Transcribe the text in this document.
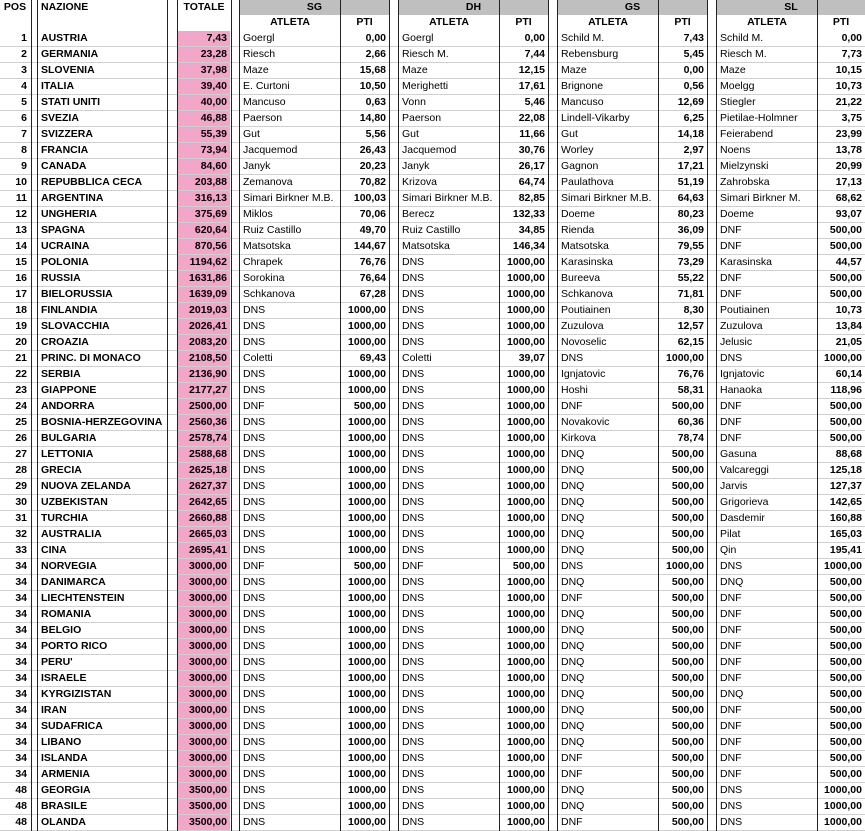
POS	NAZIONE	TOTALE	SG
ATLETA	PTI
DH
ATLETA	PTI
GS
ATLETA	PTI
SL
ATLETA	PTI
1 AUSTRIA	7,43 Goergl	0,00 Goergl	0,00 Schild M.	7,43 Schild M.	0,00
2 GERMANIA	23,28 Riesch	2,66 Riesch M.	7,44 Rebensburg	5,45 Riesch M.	7,73
3 SLOVENIA	37,98 Maze	15,68 Maze	12,15 Maze	0,00 Maze	10,15
4 ITALIA	39,40 E. Curtoni	10,50 Merighetti	17,61 Brignone	0,56 Moelgg	10,73
5 STATI UNITI	40,00 Mancuso	0,63 Vonn	5,46 Mancuso	12,69 Stiegler	21,22
6 SVEZIA	46,88 Paerson	14,80 Paerson	22,08 Lindell-Vikarby	6,25 Pietilae-Holmner	3,75
7 SVIZZERA	55,39 Gut	5,56 Gut	11,66 Gut	14,18 Feierabend	23,99
8 FRANCIA	73,94 Jacquemod	26,43 Jacquemod	30,76 Worley	2,97 Noens	13,78
9 CANADA	84,60 Janyk	20,23 Janyk	26,17 Gagnon	17,21 Mielzynski	20,99
10 REPUBBLICA CECA	203,88 Zemanova	70,82 Krizova	64,74 Paulathova	51,19 Zahrobska	17,13
11 ARGENTINA	316,13 Simari Birkner M.B.	100,03 Simari Birkner M.B.	82,85 Simari Birkner M.B.	64,63 Simari Birkner M.	68,62
12 UNGHERIA	375,69 Miklos	70,06 Berecz	132,33 Doeme	80,23 Doeme	93,07
13 SPAGNA	620,64 Ruiz Castillo	49,70 Ruiz Castillo	34,85 Rienda	36,09 DNF	500,00
14 UCRAINA	870,56 Matsotska	144,67 Matsotska	146,34 Matsotska	79,55 DNF	500,00
15 POLONIA	1194,62 Chrapek	76,76 DNS	1000,00 Karasinska	73,29 Karasinska	44,57
16 RUSSIA	1631,86 Sorokina	76,64 DNS	1000,00 Bureeva	55,22 DNF	500,00
17 BIELORUSSIA	1639,09 Schkanova	67,28 DNS	1000,00 Schkanova	71,81 DNF	500,00
18 FINLANDIA	2019,03 DNS	1000,00 DNS	1000,00 Poutiainen	8,30 Poutiainen	10,73
19 SLOVACCHIA	2026,41 DNS	1000,00 DNS	1000,00 Zuzulova	12,57 Zuzulova	13,84
20 CROAZIA	2083,20 DNS	1000,00 DNS	1000,00 Novoselic	62,15 Jelusic	21,05
21 PRINC. DI MONACO	2108,50 Coletti	69,43 Coletti	39,07 DNS	1000,00 DNS	1000,00
22 SERBIA	2136,90 DNS	1000,00 DNS	1000,00 Ignjatovic	76,76 Ignjatovic	60,14
23 GIAPPONE	2177,27 DNS	1000,00 DNS	1000,00 Hoshi	58,31 Hanaoka	118,96
24 ANDORRA	2500,00 DNF	500,00 DNS	1000,00 DNF	500,00 DNF	500,00
25 BOSNIA-HERZEGOVINA	2560,36 DNS	1000,00 DNS	1000,00 Novakovic	60,36 DNF	500,00
26 BULGARIA	2578,74 DNS	1000,00 DNS	1000,00 Kirkova	78,74 DNF	500,00
27 LETTONIA	2588,68 DNS	1000,00 DNS	1000,00 DNQ	500,00 Gasuna	88,68
28 GRECIA	2625,18 DNS	1000,00 DNS	1000,00 DNQ	500,00 Valcareggi	125,18
29 NUOVA ZELANDA	2627,37 DNS	1000,00 DNS	1000,00 DNQ	500,00 Jarvis	127,37
30 UZBEKISTAN	2642,65 DNS	1000,00 DNS	1000,00 DNQ	500,00 Grigorieva	142,65
31 TURCHIA	2660,88 DNS	1000,00 DNS	1000,00 DNQ	500,00 Dasdemir	160,88
32 AUSTRALIA	2665,03 DNS	1000,00 DNS	1000,00 DNQ	500,00 Pilat	165,03
33 CINA	2695,41 DNS	1000,00 DNS	1000,00 DNQ	500,00 Qin	195,41
34 NORVEGIA	3000,00 DNF	500,00 DNF	500,00 DNS	1000,00 DNS	1000,00
34 DANIMARCA	3000,00 DNS	1000,00 DNS	1000,00 DNQ	500,00 DNQ	500,00
34 LIECHTENSTEIN	3000,00 DNS	1000,00 DNS	1000,00 DNF	500,00 DNF	500,00
34 ROMANIA	3000,00 DNS	1000,00 DNS	1000,00 DNQ	500,00 DNF	500,00
34 BELGIO	3000,00 DNS	1000,00 DNS	1000,00 DNQ	500,00 DNF	500,00
34 PORTO RICO	3000,00 DNS	1000,00 DNS	1000,00 DNQ	500,00 DNF	500,00
34 PERU'	3000,00 DNS	1000,00 DNS	1000,00 DNQ	500,00 DNF	500,00
34 ISRAELE	3000,00 DNS	1000,00 DNS	1000,00 DNQ	500,00 DNF	500,00
34 KYRGIZISTAN	3000,00 DNS	1000,00 DNS	1000,00 DNQ	500,00 DNQ	500,00
34 IRAN	3000,00 DNS	1000,00 DNS	1000,00 DNQ	500,00 DNF	500,00
34 SUDAFRICA	3000,00 DNS	1000,00 DNS	1000,00 DNQ	500,00 DNF	500,00
34 LIBANO	3000,00 DNS	1000,00 DNS	1000,00 DNQ	500,00 DNF	500,00
34 ISLANDA	3000,00 DNS	1000,00 DNS	1000,00 DNF	500,00 DNF	500,00
34 ARMENIA	3000,00 DNS	1000,00 DNS	1000,00 DNF	500,00 DNF	500,00
48 GEORGIA	3500,00 DNS	1000,00 DNS	1000,00 DNQ	500,00 DNS	1000,00
48 BRASILE	3500,00 DNS	1000,00 DNS	1000,00 DNQ	500,00 DNS	1000,00
48 OLANDA	3500,00 DNS	1000,00 DNS	1000,00 DNF	500,00 DNS	1000,00
